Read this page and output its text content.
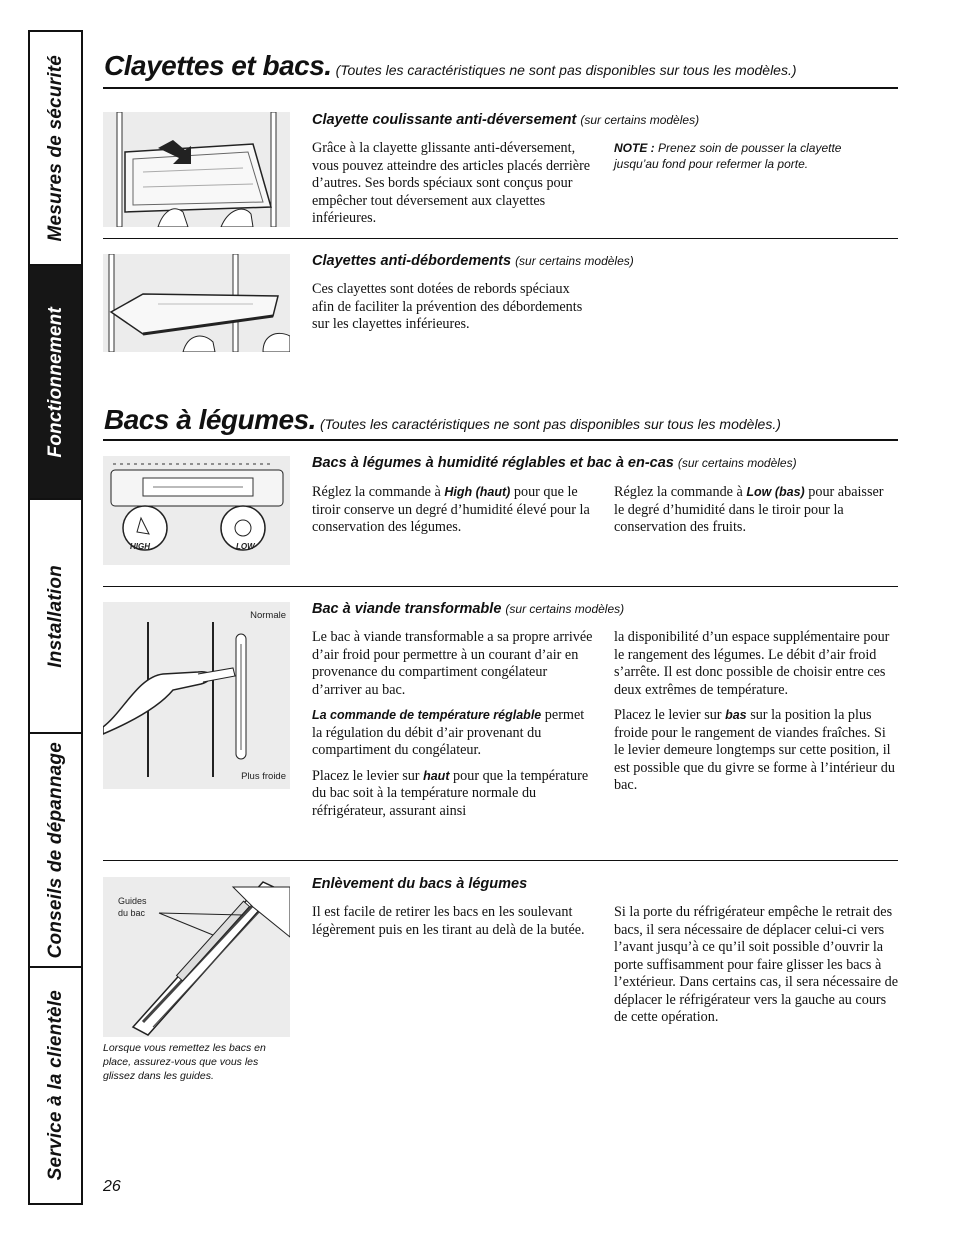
Mesures de sécurité
Fonctionnement
Installation
Conseils de dépannage
Service à la clientèle
Clayettes et bacs. (Toutes les caractéristiques ne sont pas disponibles sur tous les modèles.)
Clayette coulissante anti-déversement (sur certains modèles)
Grâce à la clayette glissante anti-déversement, vous pouvez atteindre des articles placés derrière d’autres. Ses bords spéciaux sont conçus pour empêcher tout déversement aux clayettes inférieures.
NOTE : Prenez soin de pousser la clayette jusqu’au fond pour refermer la porte.
Clayettes anti-débordements (sur certains modèles)
Ces clayettes sont dotées de rebords spéciaux afin de faciliter la prévention des débordements sur les clayettes inférieures.
Bacs à légumes. (Toutes les caractéristiques ne sont pas disponibles sur tous les modèles.)
HIGH	LOW
Bacs à légumes à humidité réglables et bac à en-cas (sur certains modèles)
Réglez la commande à High (haut) pour que le tiroir conserve un degré d’humidité élevé pour la conservation des légumes.
Réglez la commande à Low (bas) pour abaisser le degré d’humidité dans le tiroir pour la conservation des fruits.
Normale
Plus froide
Bac à viande transformable (sur certains modèles)

Le bac à viande transformable a sa propre arrivée d’air froid pour permettre à un courant d’air en provenance du compartiment congélateur d’arriver au bac.

La commande de température réglable permet la régulation du débit d’air provenant du compartiment du congélateur.

Placez le levier sur haut pour que la température du bac soit à la température normale du réfrigérateur, assurant ainsi

la disponibilité d’un espace supplémentaire pour le rangement des légumes. Le débit d’air froid s’arrête. Il est donc possible de choisir entre ces deux extrêmes de température.

Placez le levier sur bas sur la position la plus froide pour le rangement de viandes fraîches. Si le levier demeure longtemps sur cette position, il est possible que du givre se forme à l’intérieur du bac.

Guides
du bac
Lorsque vous remettez les bacs en place, assurez-vous que vous les glissez dans les guides.
Enlèvement du bacs à légumes
Il est facile de retirer les bacs en les soulevant légèrement puis en les tirant au delà de la butée.
Si la porte du réfrigérateur empêche le retrait des bacs, il sera nécessaire de déplacer celui-ci vers l’avant jusqu’à ce qu’il soit possible d’ouvrir la porte suffisamment pour faire glisser les bacs à l’extérieur. Dans certains cas, il sera nécessaire de déplacer le réfrigérateur vers la gauche au cours de cette opération.
26
